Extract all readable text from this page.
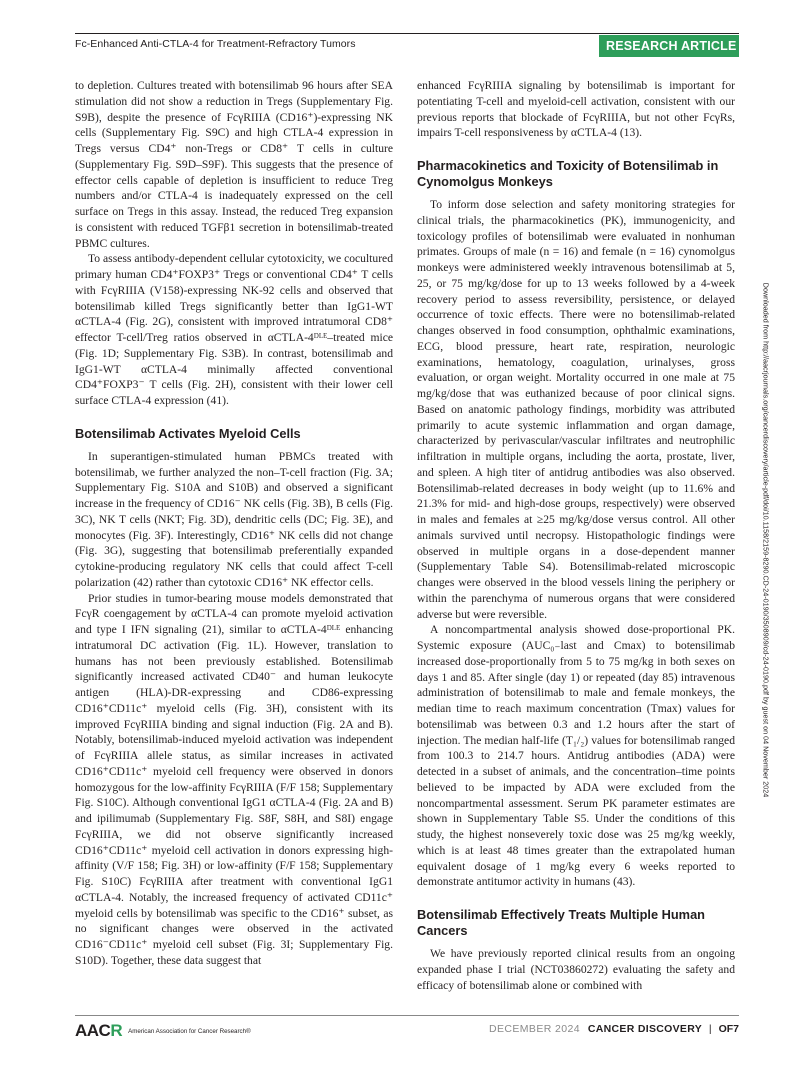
Fc-Enhanced Anti-CTLA-4 for Treatment-Refractory Tumors	RESEARCH ARTICLE

to depletion. Cultures treated with botensilimab 96 hours after SEA stimulation did not show a reduction in Tregs (Supplementary Fig. S9B), despite the presence of FcγRIIIA (CD16⁺)-expressing NK cells (Supplementary Fig. S9C) and high CTLA-4 expression in Tregs versus CD4⁺ non-Tregs or CD8⁺ T cells in culture (Supplementary Fig. S9D–S9F). This suggests that the presence of effector cells capable of depletion is insufficient to reduce Treg numbers and/or CTLA-4 is inadequately expressed on the cell surface on Tregs in this assay. Instead, the reduced Treg expansion is consistent with reduced TGFβ1 secretion in botensilimab-treated PBMC cultures.

To assess antibody-dependent cellular cytotoxicity, we cocultured primary human CD4⁺FOXP3⁺ Tregs or conventional CD4⁺ T cells with FcγRIIIA (V158)-expressing NK-92 cells and observed that botensilimab killed Tregs significantly better than IgG1-WT αCTLA-4 (Fig. 2G), consistent with improved intratumoral CD8⁺ effector T-cell/Treg ratios observed in αCTLA-4ᴰᴸᴱ–treated mice (Fig. 1D; Supplementary Fig. S3B). In contrast, botensilimab and IgG1-WT αCTLA-4 minimally affected conventional CD4⁺FOXP3⁻ T cells (Fig. 2H), consistent with their lower cell surface CTLA-4 expression (41).

Botensilimab Activates Myeloid Cells

In superantigen-stimulated human PBMCs treated with botensilimab, we further analyzed the non–T-cell fraction (Fig. 3A; Supplementary Fig. S10A and S10B) and observed a significant increase in the frequency of CD16⁻ NK cells (Fig. 3B), B cells (Fig. 3C), NK T cells (NKT; Fig. 3D), dendritic cells (DC; Fig. 3E), and monocytes (Fig. 3F). Interestingly, CD16⁺ NK cells did not change (Fig. 3G), suggesting that botensilimab preferentially expanded cytokine-producing regulatory NK cells that could affect T-cell polarization (42) rather than cytotoxic CD16⁺ NK effector cells.

Prior studies in tumor-bearing mouse models demonstrated that FcγR coengagement by αCTLA-4 can promote myeloid activation and type I IFN signaling (21), similar to αCTLA-4ᴰᴸᴱ enhancing intratumoral DC activation (Fig. 1L). However, translation to humans has not been previously established. Botensilimab significantly increased activated CD40⁻ and human leukocyte antigen (HLA)-DR-expressing and CD86-expressing CD16⁺CD11c⁺ myeloid cells (Fig. 3H), consistent with its improved FcγRIIIA binding and signal induction (Fig. 2A and B). Notably, botensilimab-induced myeloid activation was independent of FcγRIIIA allele status, as similar increases in activated CD16⁺CD11c⁺ myeloid cell frequency were observed in donors homozygous for the low-affinity FcγRIIIA (F/F 158; Supplementary Fig. S10C). Although conventional IgG1 αCTLA-4 (Fig. 2A and B) and ipilimumab (Supplementary Fig. S8F, S8H, and S8I) engage FcγRIIIA, we did not observe significantly increased CD16⁺CD11c⁺ myeloid cell activation in donors expressing high-affinity (V/F 158; Fig. 3H) or low-affinity (F/F 158; Supplementary Fig. S10C) FcγRIIIA after treatment with conventional IgG1 αCTLA-4. Notably, the increased frequency of activated CD11c⁺ myeloid cells by botensilimab was specific to the CD16⁺ subset, as no significant changes were observed in the activated CD16⁻CD11c⁺ myeloid cell subset (Fig. 3I; Supplementary Fig. S10D). Together, these data suggest that

enhanced FcγRIIIA signaling by botensilimab is important for potentiating T-cell and myeloid-cell activation, consistent with our previous reports that blockade of FcγRIIIA, but not other FcγRs, impairs T-cell responsiveness by αCTLA-4 (13).

Pharmacokinetics and Toxicity of Botensilimab in Cynomolgus Monkeys

To inform dose selection and safety monitoring strategies for clinical trials, the pharmacokinetics (PK), immunogenicity, and toxicology profiles of botensilimab were evaluated in nonhuman primates. Groups of male (n = 16) and female (n = 16) cynomolgus monkeys were administered weekly intravenous botensilimab at 5, 25, or 75 mg/kg/dose for up to 13 weeks followed by a 4-week recovery period to assess reversibility, persistence, or delayed occurrence of toxic effects. There were no botensilimab-related changes observed in food consumption, ophthalmic examinations, ECG, blood pressure, heart rate, respiration, neurologic examinations, hematology, coagulation, urinalyses, gross evaluation, or organ weight. Mortality occurred in one male at 75 mg/kg/dose that was euthanized because of poor clinical signs. Based on anatomic pathology findings, morbidity was attributed primarily to acute systemic inflammation and organ damage, characterized by perivascular/vascular infiltrates and neutrophilic infiltration in multiple organs, including the aorta, prostate, liver, and spleen. A high titer of antidrug antibodies was also observed. Botensilimab-related decreases in body weight (up to 11.6% and 21.3% for mid- and high-dose groups, respectively) were observed in males and females at ≥25 mg/kg/dose versus control. All other animals survived until necropsy. Histopathologic findings were observed in multiple organs in a dose-dependent manner (Supplementary Table S4). Botensilimab-related microscopic changes were observed in the blood vessels lining the periphery or within the parenchyma of numerous organs that were considered adverse but were reversible.

A noncompartmental analysis showed dose-proportional PK. Systemic exposure (AUC₀₋last and Cmax) to botensilimab increased dose-proportionally from 5 to 75 mg/kg in both sexes on days 1 and 85. After single (day 1) or repeated (day 85) intravenous administration of botensilimab to male and female monkeys, the median time to reach maximum concentration (Tmax) values for botensilimab was between 0.3 and 1.2 hours after the start of injection. The median half-life (T₁/₂) values for botensilimab ranged from 100.3 to 214.7 hours. Antidrug antibodies (ADA) were detected in a subset of animals, and the concentration–time points believed to be impacted by ADA were excluded from the noncompartmental assessment. Serum PK parameter estimates are shown in Supplementary Table S5. Under the conditions of this study, the highest nonseverely toxic dose was 25 mg/kg weekly, which is at least 48 times greater than the extrapolated human equivalent dosage of 1 mg/kg every 6 weeks reported to demonstrate antitumor activity in humans (43).

Botensilimab Effectively Treats Multiple Human Cancers

We have previously reported clinical results from an ongoing expanded phase I trial (NCT03860272) evaluating the safety and efficacy of botensilimab alone or combined with

Downloaded from http://aacrjournals.org/cancerdiscovery/article-pdf/doi/10.1158/2159-8290.CD-24-0190/3508909/cd-24-0190.pdf by guest on 04 November 2024
AACR American Association for Cancer Research®	DECEMBER 2024 CANCER DISCOVERY | OF7
